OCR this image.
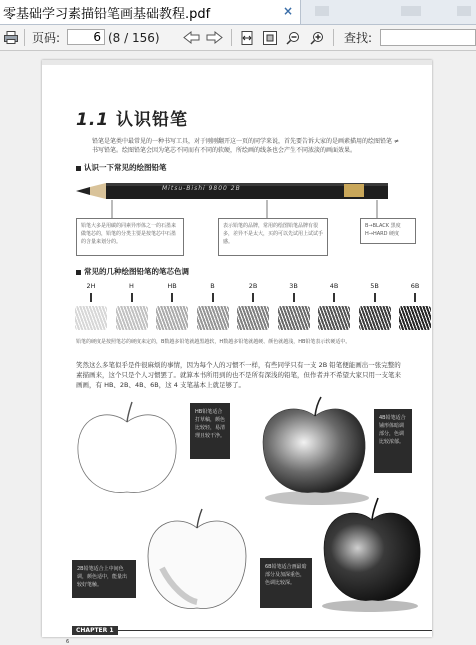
零基础学习素描铅笔画基础教程.pdf	×
页码:	查找:
6 (8 / 156)
1.1 认识铅笔
铅笔是笔类中最常见的一种书写工具，对于刚刚翻开这一页的同学来说，首先要告诉大家的是画素描用的绘图铅笔 ≠ 书写铅笔。绘图铅笔会因为笔芯不同而有不同的软硬，所绘画的线条也会产生不同浓淡的画面效果。
认识一下常见的绘图铅笔
Mitsu-Bishi 9800 2B
铅笔大多是用碳的同素异形体之一的石墨来做笔芯的，铅笔的分类主要是按笔芯中石墨的含量来划分的。
表示铅笔的品牌，常用的绘图铅笔品牌有很多，差异不是太大，买的可以先试用上试试手感。
B→BLACK 黑度
H→HARD 硬度
常见的几种绘图铅笔的笔芯色调
2H	H	HB	B	2B	3B	4B	5B	6B
铅笔的硬度是按照笔芯的硬度来定的，B数越多铅笔就越黑越软，H数越多铅笔就越硬、颜色就越浅，HB铅笔表示软硬适中。
笑然这么多笔似乎是件很麻烦的事情，因为每个人的习惯不一样，有些同学只有一支 2B 铅笔便能画出一张完整的素描画来，这个只是个人习惯罢了。就算本书所用到的也不是所有深浅的铅笔，但作者并不希望大家只用一支笔来画画，有 HB、2B、4B、6B，这 4 支笔基本上就足够了。
HB铅笔适合打草稿，颜色比较轻，易清理且较干净。
4B铅笔适合铺形体暗调部分，色调比较浓郁。
2B铅笔适合上中间色调，颜色适中，能量出较好笔触。
6B铅笔适合画最暗部分及加深重色，色调比较深。
CHAPTER 1
6
